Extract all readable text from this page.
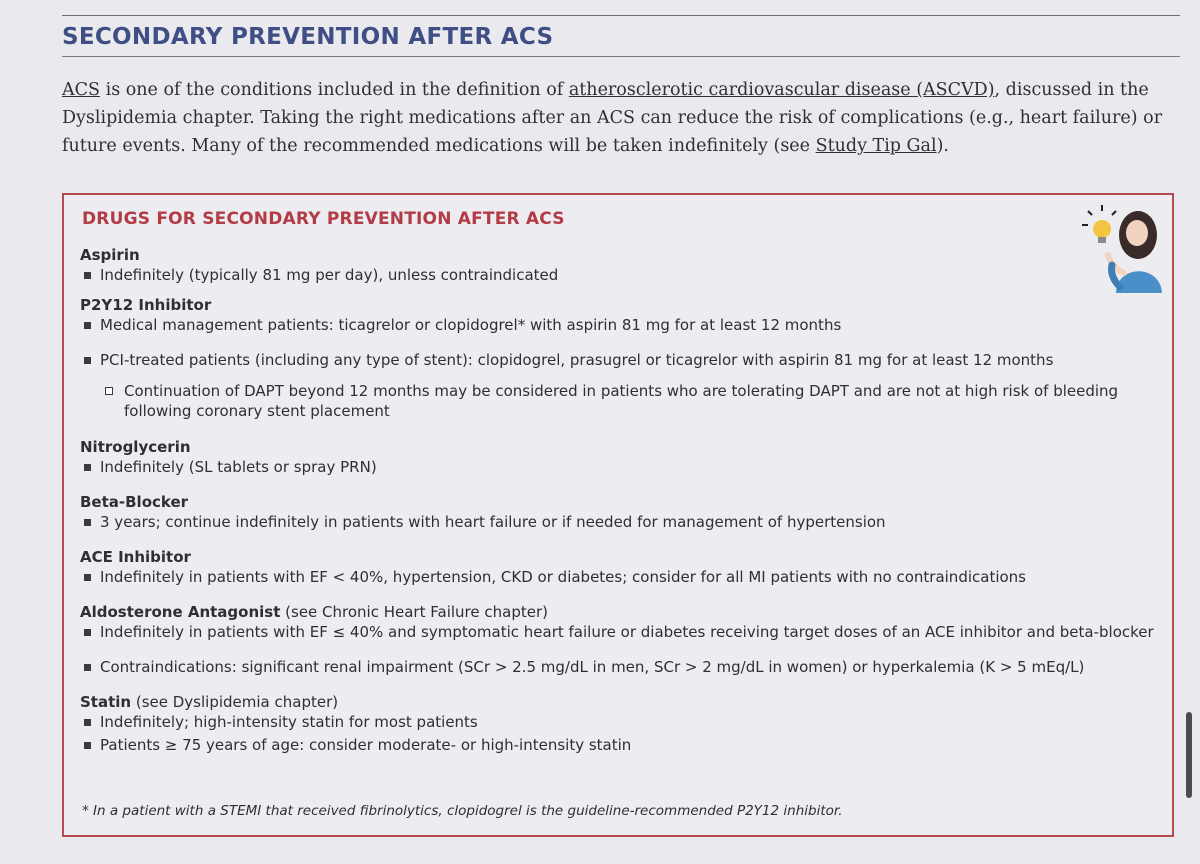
SECONDARY PREVENTION AFTER ACS
ACS is one of the conditions included in the definition of atherosclerotic cardiovascular disease (ASCVD), discussed in the Dyslipidemia chapter. Taking the right medications after an ACS can reduce the risk of complications (e.g., heart failure) or future events. Many of the recommended medications will be taken indefinitely (see Study Tip Gal).
DRUGS FOR SECONDARY PREVENTION AFTER ACS
Aspirin
Indefinitely (typically 81 mg per day), unless contraindicated
P2Y12 Inhibitor
Medical management patients: ticagrelor or clopidogrel* with aspirin 81 mg for at least 12 months
PCI-treated patients (including any type of stent): clopidogrel, prasugrel or ticagrelor with aspirin 81 mg for at least 12 months
Continuation of DAPT beyond 12 months may be considered in patients who are tolerating DAPT and are not at high risk of bleeding following coronary stent placement
Nitroglycerin
Indefinitely (SL tablets or spray PRN)
Beta-Blocker
3 years; continue indefinitely in patients with heart failure or if needed for management of hypertension
ACE Inhibitor
Indefinitely in patients with EF < 40%, hypertension, CKD or diabetes; consider for all MI patients with no contraindications
Aldosterone Antagonist (see Chronic Heart Failure chapter)
Indefinitely in patients with EF ≤ 40% and symptomatic heart failure or diabetes receiving target doses of an ACE inhibitor and beta-blocker
Contraindications: significant renal impairment (SCr > 2.5 mg/dL in men, SCr > 2 mg/dL in women) or hyperkalemia (K > 5 mEq/L)
Statin (see Dyslipidemia chapter)
Indefinitely; high-intensity statin for most patients
Patients ≥ 75 years of age: consider moderate- or high-intensity statin
* In a patient with a STEMI that received fibrinolytics, clopidogrel is the guideline-recommended P2Y12 inhibitor.
